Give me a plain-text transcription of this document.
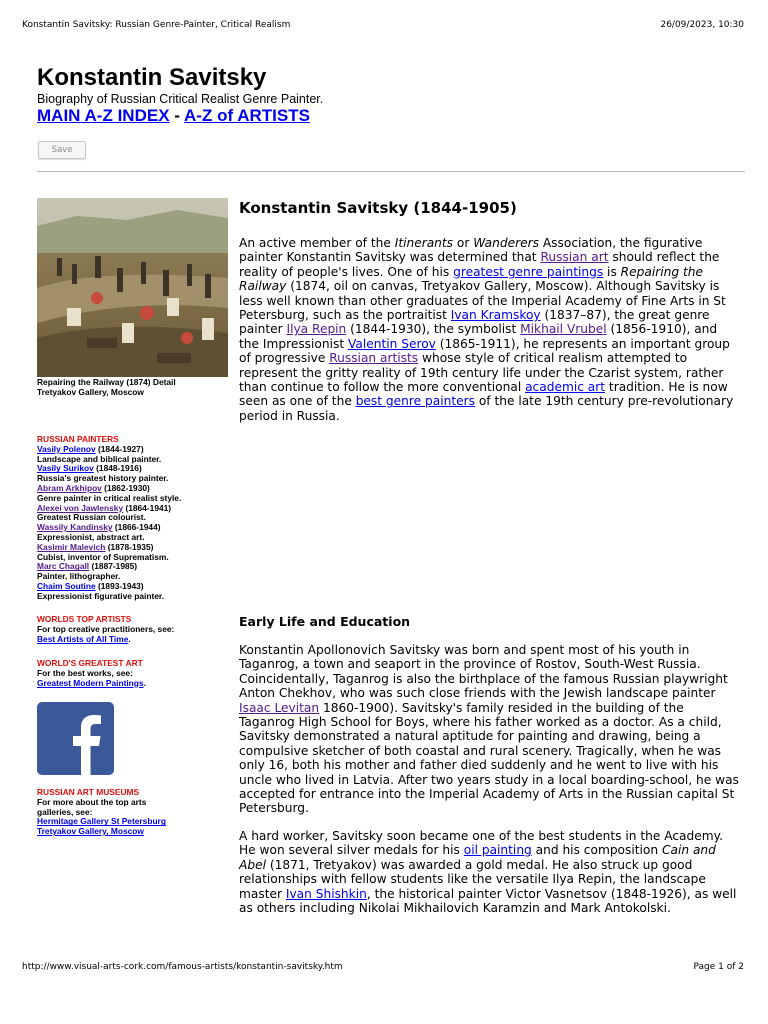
Konstantin Savitsky: Russian Genre-Painter, Critical Realism	26/09/2023, 10:30
Konstantin Savitsky
Biography of Russian Critical Realist Genre Painter.
MAIN A-Z INDEX - A-Z of ARTISTS
Save
Repairing the Railway (1874) Detail
Tretyakov Gallery, Moscow
RUSSIAN PAINTERS
Vasily Polenov (1844-1927)
Landscape and biblical painter.
Vasily Surikov (1848-1916)
Russia's greatest history painter.
Abram Arkhipov (1862-1930)
Genre painter in critical realist style.
Alexei von Jawlensky (1864-1941)
Greatest Russian colourist.
Wassily Kandinsky (1866-1944)
Expressionist, abstract art.
Kasimir Malevich (1878-1935)
Cubist, inventor of Suprematism.
Marc Chagall (1887-1985)
Painter, lithographer.
Chaim Soutine (1893-1943)
Expressionist figurative painter.
WORLDS TOP ARTISTS
For top creative practitioners, see:
Best Artists of All Time.
WORLD'S GREATEST ART
For the best works, see:
Greatest Modern Paintings.
RUSSIAN ART MUSEUMS
For more about the top arts
galleries, see:
Hermitage Gallery St Petersburg
Tretyakov Gallery, Moscow
Konstantin Savitsky (1844-1905)
An active member of the Itinerants or Wanderers Association, the figurative painter Konstantin Savitsky was determined that Russian art should reflect the reality of people's lives. One of his greatest genre paintings is Repairing the Railway (1874, oil on canvas, Tretyakov Gallery, Moscow). Although Savitsky is less well known than other graduates of the Imperial Academy of Fine Arts in St Petersburg, such as the portraitist Ivan Kramskoy (1837–87), the great genre painter Ilya Repin (1844-1930), the symbolist Mikhail Vrubel (1856-1910), and the Impressionist Valentin Serov (1865-1911), he represents an important group of progressive Russian artists whose style of critical realism attempted to represent the gritty reality of 19th century life under the Czarist system, rather than continue to follow the more conventional academic art tradition. He is now seen as one of the best genre painters of the late 19th century pre-revolutionary period in Russia.
Early Life and Education
Konstantin Apollonovich Savitsky was born and spent most of his youth in Taganrog, a town and seaport in the province of Rostov, South-West Russia. Coincidentally, Taganrog is also the birthplace of the famous Russian playwright Anton Chekhov, who was such close friends with the Jewish landscape painter Isaac Levitan 1860-1900). Savitsky's family resided in the building of the Taganrog High School for Boys, where his father worked as a doctor. As a child, Savitsky demonstrated a natural aptitude for painting and drawing, being a compulsive sketcher of both coastal and rural scenery. Tragically, when he was only 16, both his mother and father died suddenly and he went to live with his uncle who lived in Latvia. After two years study in a local boarding-school, he was accepted for entrance into the Imperial Academy of Arts in the Russian capital St Petersburg.
A hard worker, Savitsky soon became one of the best students in the Academy. He won several silver medals for his oil painting and his composition Cain and Abel (1871, Tretyakov) was awarded a gold medal. He also struck up good relationships with fellow students like the versatile Ilya Repin, the landscape master Ivan Shishkin, the historical painter Victor Vasnetsov (1848-1926), as well as others including Nikolai Mikhailovich Karamzin and Mark Antokolski.
http://www.visual-arts-cork.com/famous-artists/konstantin-savitsky.htm	Page 1 of 2
